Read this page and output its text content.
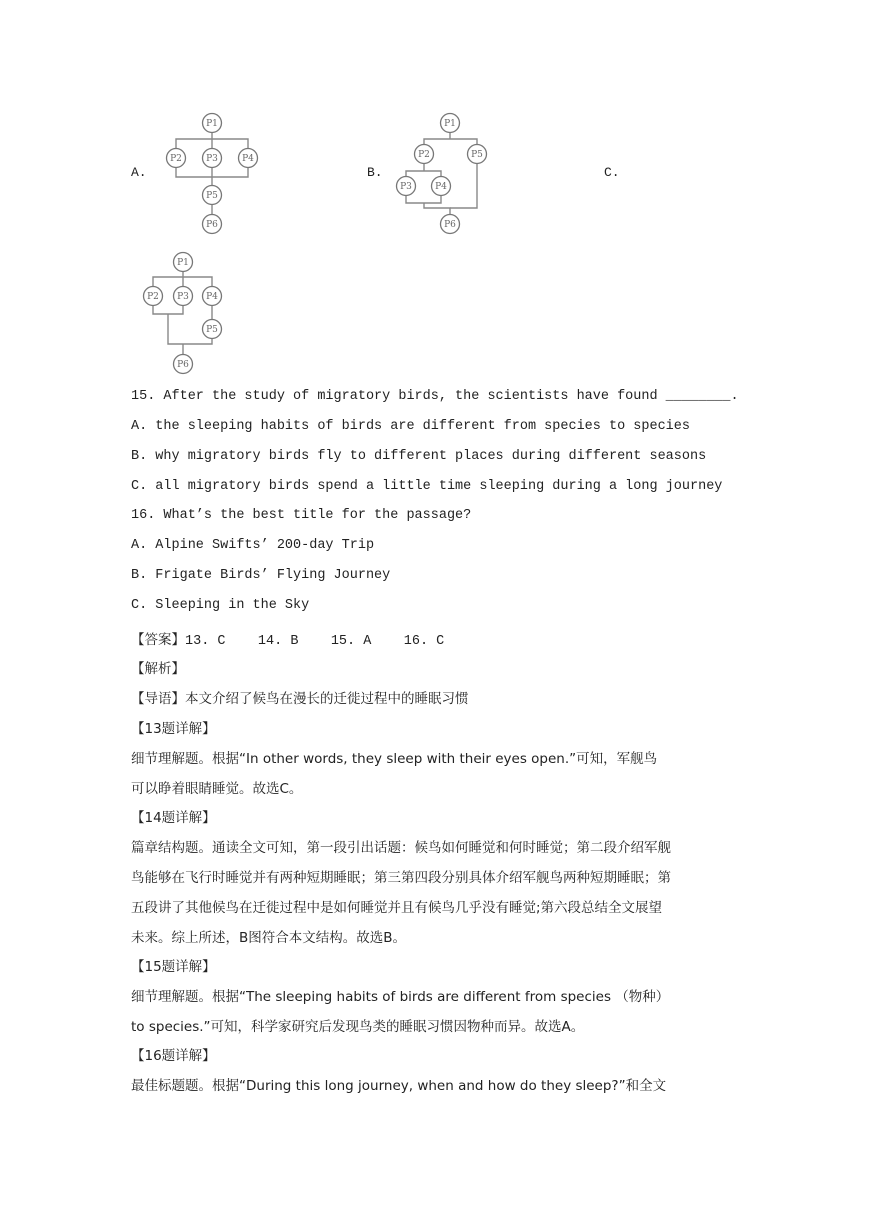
A.	B.	C.
P1
P2	P3	P4
P5
P6
P1
P2	P5
P3	P4
P6
P1
P2 P3 P4
P5
P6
15. After the study of migratory birds, the scientists have found ________.
A. the sleeping habits of birds are different from species to species
B. why migratory birds fly to different places during different seasons
C. all migratory birds spend a little time sleeping during a long journey
16. What’s the best title for the passage?
A. Alpine Swifts’ 200-day Trip
B. Frigate Birds’ Flying Journey
C. Sleeping in the Sky
【答案】13. C    14. B    15. A    16. C
【解析】
【导语】本文介绍了候鸟在漫长的迁徙过程中的睡眠习惯
【13题详解】
细节理解题。根据“In other words, they sleep with their eyes open.”可知，军舰鸟
可以睁着眼睛睡觉。故选C。
【14题详解】
篇章结构题。通读全文可知，第一段引出话题：候鸟如何睡觉和何时睡觉；第二段介绍军舰
鸟能够在飞行时睡觉并有两种短期睡眠；第三第四段分别具体介绍军舰鸟两种短期睡眠；第
五段讲了其他候鸟在迁徙过程中是如何睡觉并且有候鸟几乎没有睡觉;第六段总结全文展望
未来。综上所述，B图符合本文结构。故选B。
【15题详解】
细节理解题。根据“The sleeping habits of birds are different from species （物种）
to species.”可知，科学家研究后发现鸟类的睡眠习惯因物种而异。故选A。
【16题详解】
最佳标题题。根据“During this long journey, when and how do they sleep?”和全文
